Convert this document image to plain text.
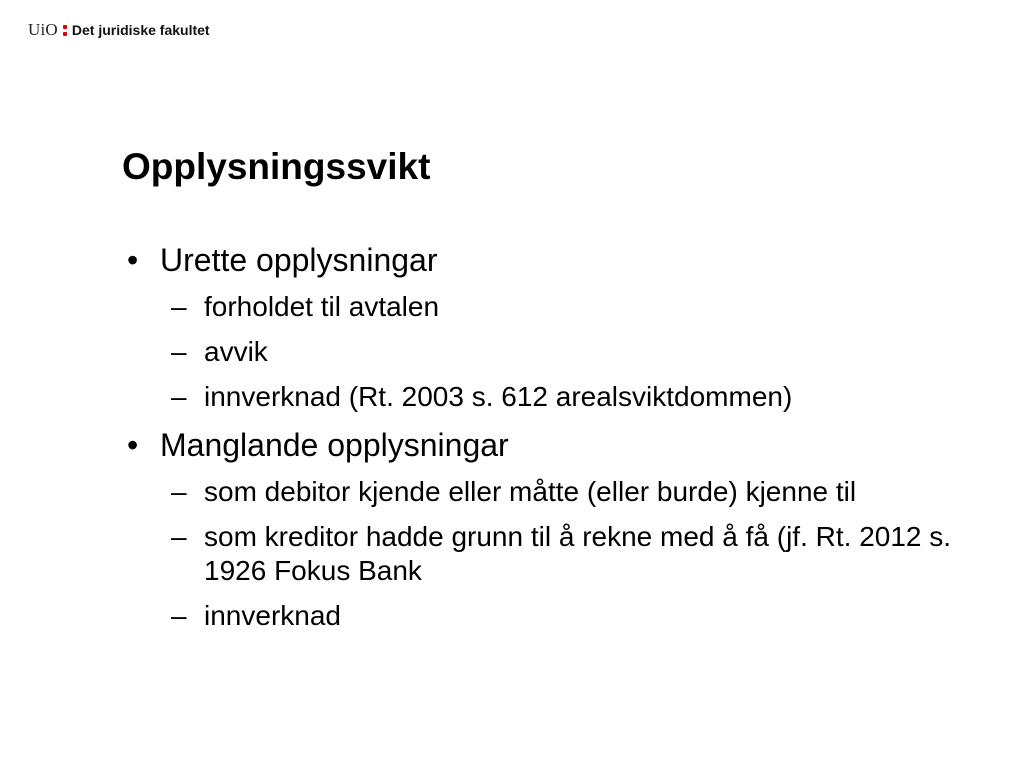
UiO Det juridiske fakultet
Opplysningssvikt
• Urette opplysningar
– forholdet til avtalen
– avvik
– innverknad (Rt. 2003 s. 612 arealsviktdommen)
• Manglande opplysningar
– som debitor kjende eller måtte (eller burde) kjenne til
– som kreditor hadde grunn til å rekne med å få (jf. Rt. 2012 s. 1926 Fokus Bank
– innverknad
